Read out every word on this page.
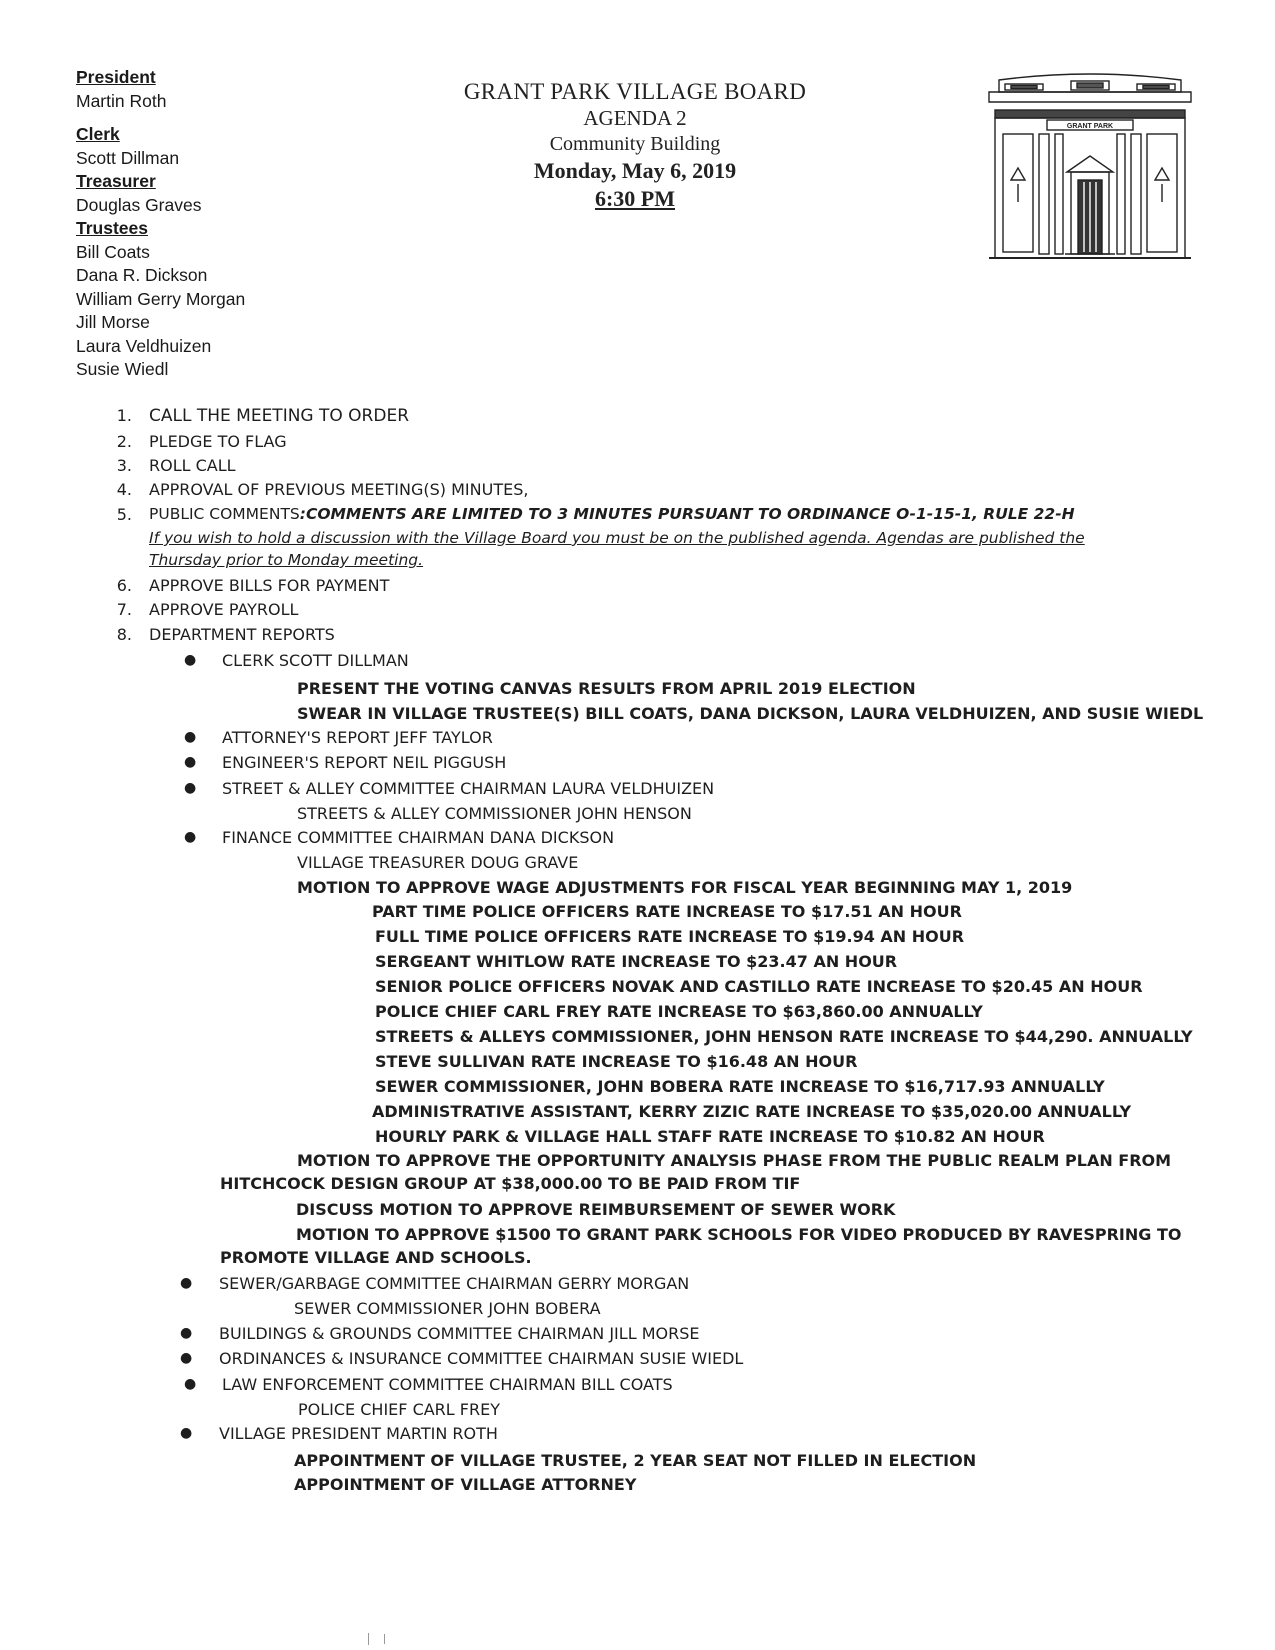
President
Martin Roth
Clerk
Scott Dillman
Treasurer
Douglas Graves
Trustees
Bill Coats
Dana R. Dickson
William Gerry Morgan
Jill Morse
Laura Veldhuizen
Susie Wiedl
GRANT PARK VILLAGE BOARD
AGENDA 2
Community Building
Monday, May 6, 2019
6:30 PM
GRANT PARK
1. CALL THE MEETING TO ORDER
2. PLEDGE TO FLAG
3. ROLL CALL
4. APPROVAL OF PREVIOUS MEETING(S) MINUTES,
5. PUBLIC COMMENTS:COMMENTS ARE LIMITED TO 3 MINUTES PURSUANT TO ORDINANCE O-1-15-1, RULE 22-H
If you wish to hold a discussion with the Village Board you must be on the published agenda. Agendas are published the
Thursday prior to Monday meeting.
6. APPROVE BILLS FOR PAYMENT
7. APPROVE PAYROLL
8. DEPARTMENT REPORTS
● CLERK SCOTT DILLMAN
PRESENT THE VOTING CANVAS RESULTS FROM APRIL 2019 ELECTION
SWEAR IN VILLAGE TRUSTEE(S) BILL COATS, DANA DICKSON, LAURA VELDHUIZEN, AND SUSIE WIEDL
● ATTORNEY'S REPORT JEFF TAYLOR
● ENGINEER'S REPORT NEIL PIGGUSH
● STREET & ALLEY COMMITTEE CHAIRMAN LAURA VELDHUIZEN
STREETS & ALLEY COMMISSIONER JOHN HENSON
● FINANCE COMMITTEE CHAIRMAN DANA DICKSON
VILLAGE TREASURER DOUG GRAVE
MOTION TO APPROVE WAGE ADJUSTMENTS FOR FISCAL YEAR BEGINNING MAY 1, 2019
PART TIME POLICE OFFICERS RATE INCREASE TO $17.51 AN HOUR
FULL TIME POLICE OFFICERS RATE INCREASE TO $19.94 AN HOUR
SERGEANT WHITLOW RATE INCREASE TO $23.47 AN HOUR
SENIOR POLICE OFFICERS NOVAK AND CASTILLO RATE INCREASE TO $20.45 AN HOUR
POLICE CHIEF CARL FREY RATE INCREASE TO $63,860.00 ANNUALLY
STREETS & ALLEYS COMMISSIONER, JOHN HENSON RATE INCREASE TO $44,290. ANNUALLY
STEVE SULLIVAN RATE INCREASE TO $16.48 AN HOUR
SEWER COMMISSIONER, JOHN BOBERA RATE INCREASE TO $16,717.93 ANNUALLY
ADMINISTRATIVE ASSISTANT, KERRY ZIZIC RATE INCREASE TO $35,020.00 ANNUALLY
HOURLY PARK & VILLAGE HALL STAFF RATE INCREASE TO $10.82 AN HOUR
MOTION TO APPROVE THE OPPORTUNITY ANALYSIS PHASE FROM THE PUBLIC REALM PLAN FROM
HITCHCOCK DESIGN GROUP AT $38,000.00 TO BE PAID FROM TIF
DISCUSS MOTION TO APPROVE REIMBURSEMENT OF SEWER WORK
MOTION TO APPROVE $1500 TO GRANT PARK SCHOOLS FOR VIDEO PRODUCED BY RAVESPRING TO
PROMOTE VILLAGE AND SCHOOLS.
● SEWER/GARBAGE COMMITTEE CHAIRMAN GERRY MORGAN
SEWER COMMISSIONER JOHN BOBERA
● BUILDINGS & GROUNDS COMMITTEE CHAIRMAN JILL MORSE
● ORDINANCES & INSURANCE COMMITTEE CHAIRMAN SUSIE WIEDL
● LAW ENFORCEMENT COMMITTEE CHAIRMAN BILL COATS
POLICE CHIEF CARL FREY
● VILLAGE PRESIDENT MARTIN ROTH
APPOINTMENT OF VILLAGE TRUSTEE, 2 YEAR SEAT NOT FILLED IN ELECTION
APPOINTMENT OF VILLAGE ATTORNEY
